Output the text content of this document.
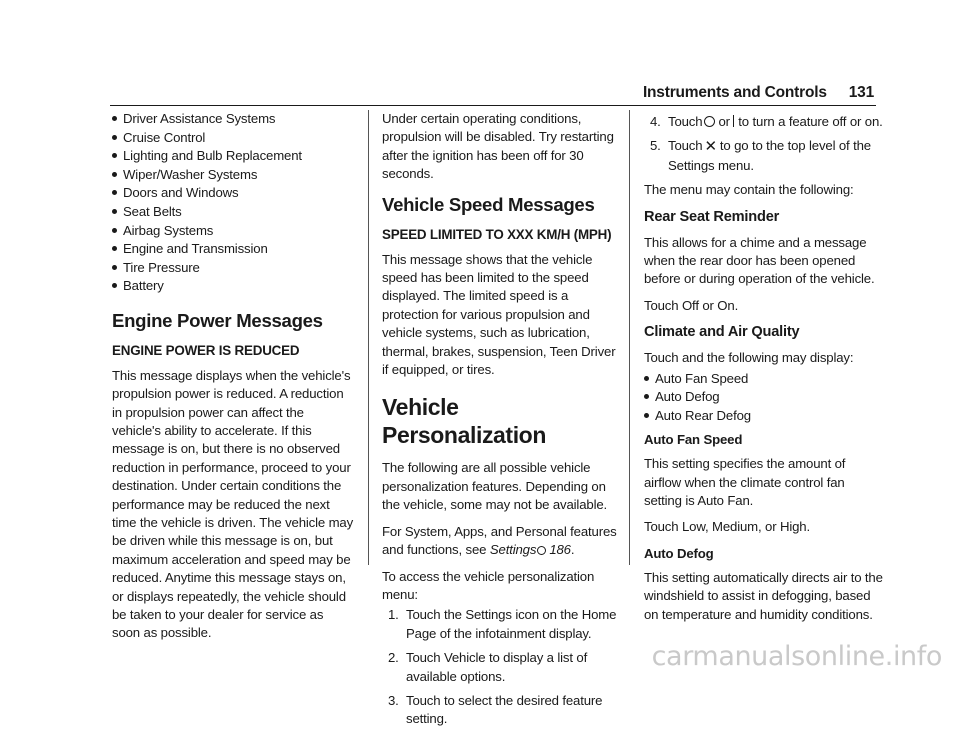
Instruments and Controls 131
Driver Assistance Systems
Cruise Control
Lighting and Bulb Replacement
Wiper/Washer Systems
Doors and Windows
Seat Belts
Airbag Systems
Engine and Transmission
Tire Pressure
Battery
Engine Power Messages
ENGINE POWER IS REDUCED

This message displays when the vehicle's propulsion power is reduced. A reduction in propulsion power can affect the vehicle's ability to accelerate. If this message is on, but there is no observed reduction in performance, proceed to your destination. Under certain conditions the performance may be reduced the next time the vehicle is driven. The vehicle may be driven while this message is on, but maximum acceleration and speed may be reduced. Anytime this message stays on, or displays repeatedly, the vehicle should be taken to your dealer for service as soon as possible.

Under certain operating conditions, propulsion will be disabled. Try restarting after the ignition has been off for 30 seconds.

Vehicle Speed Messages
SPEED LIMITED TO XXX KM/H (MPH)

This message shows that the vehicle speed has been limited to the speed displayed. The limited speed is a protection for various propulsion and vehicle systems, such as lubrication, thermal, brakes, suspension, Teen Driver if equipped, or tires.

Vehicle Personalization

The following are all possible vehicle personalization features. Depending on the vehicle, some may not be available.

For System, Apps, and Personal features and functions, see Settings 186.

To access the vehicle personalization menu:

1. Touch the Settings icon on the Home Page of the infotainment display.
2. Touch Vehicle to display a list of available options.
3. Touch to select the desired feature setting.
4. Touch or to turn a feature off or on.
5. Touch ✕ to go to the top level of the Settings menu.

The menu may contain the following:

Rear Seat Reminder

This allows for a chime and a message when the rear door has been opened before or during operation of the vehicle.

Touch Off or On.

Climate and Air Quality

Touch and the following may display:

Auto Fan Speed
Auto Defog
Auto Rear Defog
Auto Fan Speed

This setting specifies the amount of airflow when the climate control fan setting is Auto Fan.

Touch Low, Medium, or High.

Auto Defog

This setting automatically directs air to the windshield to assist in defogging, based on temperature and humidity conditions.

carmanualsonline.info
